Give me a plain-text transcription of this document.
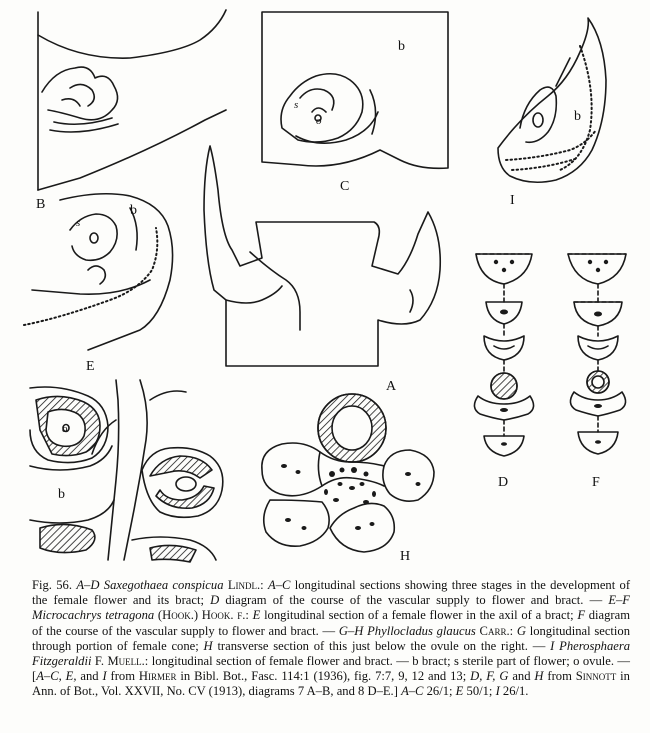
B
b
s
o
C
b
I
s
b
E
A
D	F
b
o
H
Fig. 56. A–D Saxegothaea conspicua Lindl.: A–C longitudinal sections showing three stages in the development of the female flower and its bract; D diagram of the course of the vascular supply to flower and bract. — E–F Microcachrys tetragona (Hook.) Hook. f.: E longitudinal section of a female flower in the axil of a bract; F diagram of the course of the vascular supply to flower and bract. — G–H Phyllocladus glaucus Carr.: G longitudinal section through portion of female cone; H transverse section of this just below the ovule on the right. — I Pherosphaera Fitzgeraldii F. Muell.: longitudinal section of female flower and bract. — b bract; s sterile part of flower; o ovule. — [A–C, E, and I from Hirmer in Bibl. Bot., Fasc. 114:1 (1936), fig. 7:7, 9, 12 and 13; D, F, G and H from Sinnott in Ann. of Bot., Vol. XXVII, No. CV (1913), diagrams 7 A–B, and 8 D–E.] A–C 26/1; E 50/1; I 26/1.
